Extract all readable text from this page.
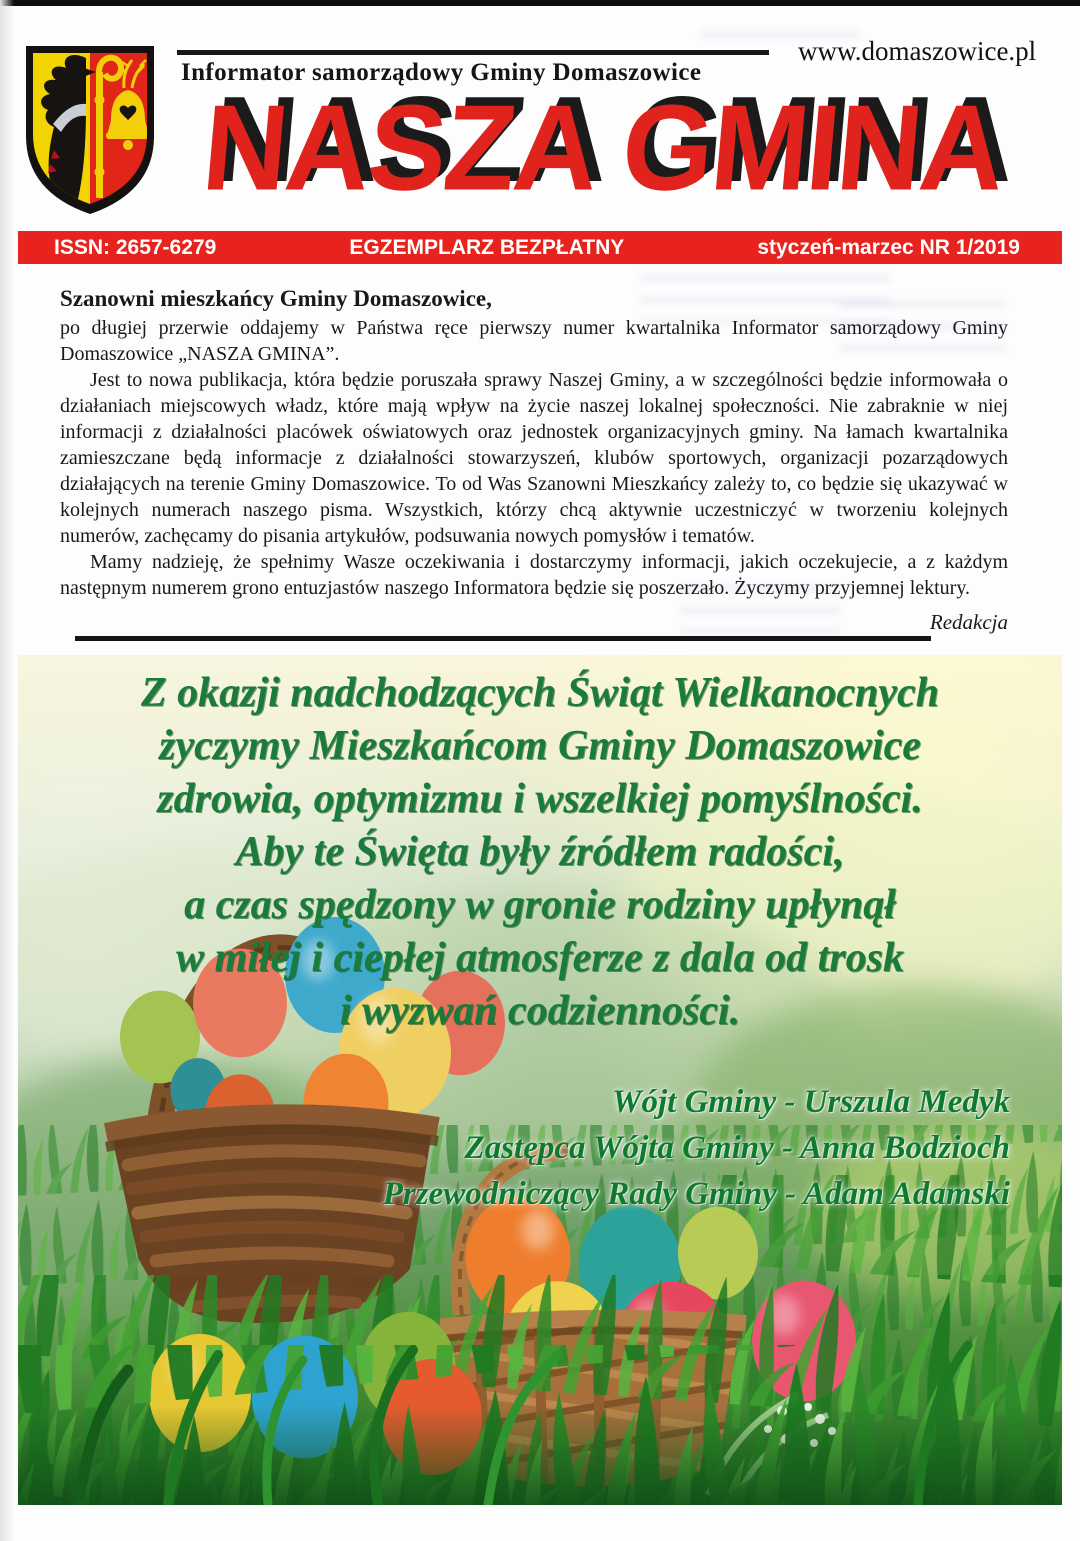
Informator samorządowy Gminy Domaszowice
www.domaszowice.pl
NASZA GMINA
ISSN: 2657-6279	EGZEMPLARZ BEZPŁATNY	styczeń-marzec NR 1/2019
Szanowni mieszkańcy Gminy Domaszowice,

po długiej przerwie oddajemy w Państwa ręce pierwszy numer kwartalnika Informator samorządowy Gminy Domaszowice „NASZA GMINA”.

Jest to nowa publikacja, która będzie poruszała sprawy Naszej Gminy, a w szczególności będzie informowała o działaniach miejscowych władz, które mają wpływ na życie naszej lokalnej społeczności. Nie zabraknie w niej informacji z działalności placówek oświatowych oraz jednostek organizacyjnych gminy. Na łamach kwartalnika zamieszczane będą informacje z działalności stowarzyszeń, klubów sportowych, organizacji pozarządowych działających na terenie Gminy Domaszowice. To od Was Szanowni Mieszkańcy zależy to, co będzie się ukazywać w kolejnych numerach naszego pisma. Wszystkich, którzy chcą aktywnie uczestniczyć w tworzeniu kolejnych numerów, zachęcamy do pisania artykułów, podsuwania nowych pomysłów i tematów.

Mamy nadzieję, że spełnimy Wasze oczekiwania i dostarczymy informacji, jakich oczekujecie, a z każdym następnym numerem grono entuzjastów naszego Informatora będzie się poszerzało. Życzymy przyjemnej lektury.

Redakcja
Z okazji nadchodzących Świąt Wielkanocnych
życzymy Mieszkańcom Gminy Domaszowice
zdrowia, optymizmu i wszelkiej pomyślności.
Aby te Święta były źródłem radości,
a czas spędzony w gronie rodziny upłynął
w miłej i ciepłej atmosferze z dala od trosk
i wyzwań codzienności.
Wójt Gminy - Urszula Medyk
Zastępca Wójta Gminy - Anna Bodzioch
Przewodniczący Rady Gminy - Adam Adamski
